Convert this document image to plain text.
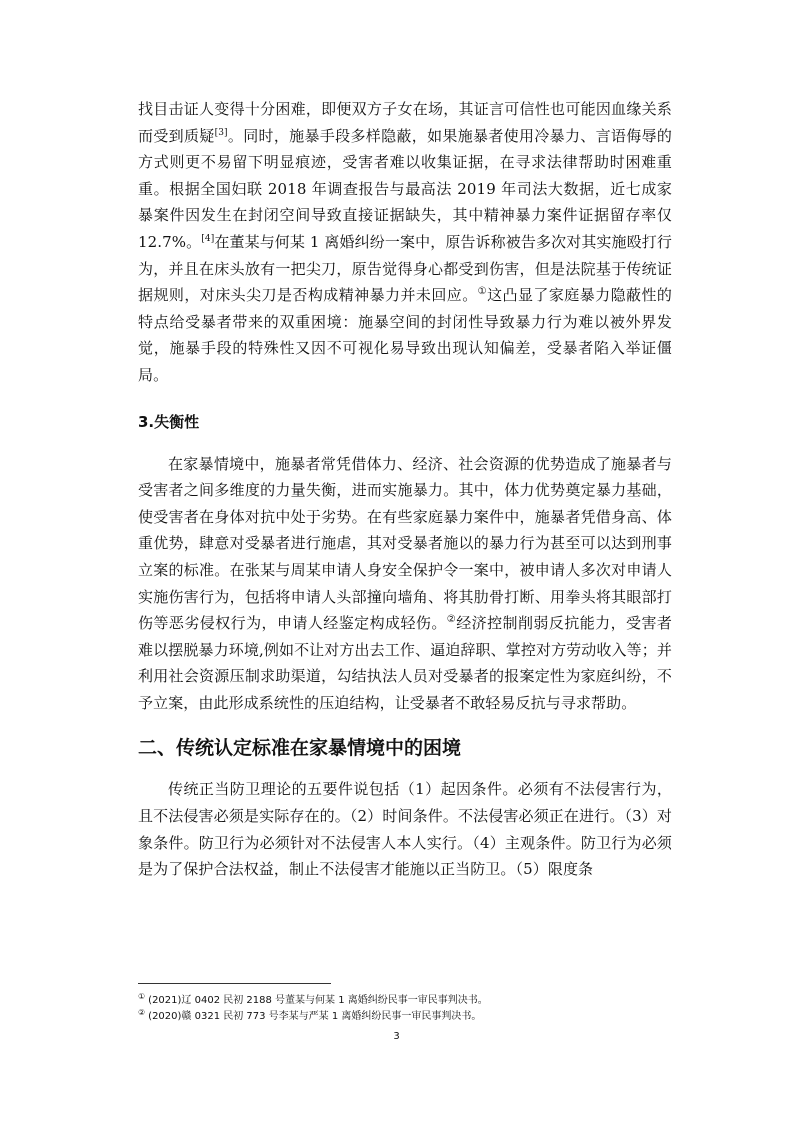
找目击证人变得十分困难，即便双方子女在场，其证言可信性也可能因血缘关系而受到质疑[3]。同时，施暴手段多样隐蔽，如果施暴者使用冷暴力、言语侮辱的方式则更不易留下明显痕迹，受害者难以收集证据，在寻求法律帮助时困难重重。根据全国妇联 2018 年调查报告与最高法 2019 年司法大数据，近七成家暴案件因发生在封闭空间导致直接证据缺失，其中精神暴力案件证据留存率仅 12.7%。[4]在董某与何某 1 离婚纠纷一案中，原告诉称被告多次对其实施殴打行为，并且在床头放有一把尖刀，原告觉得身心都受到伤害，但是法院基于传统证据规则，对床头尖刀是否构成精神暴力并未回应。①这凸显了家庭暴力隐蔽性的特点给受暴者带来的双重困境：施暴空间的封闭性导致暴力行为难以被外界发觉，施暴手段的特殊性又因不可视化易导致出现认知偏差，受暴者陷入举证僵局。

3.失衡性

在家暴情境中，施暴者常凭借体力、经济、社会资源的优势造成了施暴者与受害者之间多维度的力量失衡，进而实施暴力。其中，体力优势奠定暴力基础，使受害者在身体对抗中处于劣势。在有些家庭暴力案件中，施暴者凭借身高、体重优势，肆意对受暴者进行施虐，其对受暴者施以的暴力行为甚至可以达到刑事立案的标准。在张某与周某申请人身安全保护令一案中，被申请人多次对申请人实施伤害行为，包括将申请人头部撞向墙角、将其肋骨打断、用拳头将其眼部打伤等恶劣侵权行为，申请人经鉴定构成轻伤。②经济控制削弱反抗能力，受害者难以摆脱暴力环境,例如不让对方出去工作、逼迫辞职、掌控对方劳动收入等；并利用社会资源压制求助渠道，勾结执法人员对受暴者的报案定性为家庭纠纷，不予立案，由此形成系统性的压迫结构，让受暴者不敢轻易反抗与寻求帮助。

二、传统认定标准在家暴情境中的困境

传统正当防卫理论的五要件说包括（1）起因条件。必须有不法侵害行为，且不法侵害必须是实际存在的。（2）时间条件。不法侵害必须正在进行。（3）对象条件。防卫行为必须针对不法侵害人本人实行。（4）主观条件。防卫行为必须是为了保护合法权益，制止不法侵害才能施以正当防卫。（5）限度条

① (2021)辽 0402 民初 2188 号董某与何某 1 离婚纠纷民事一审民事判决书。

② (2020)赣 0321 民初 773 号李某与严某 1 离婚纠纷民事一审民事判决书。

3
